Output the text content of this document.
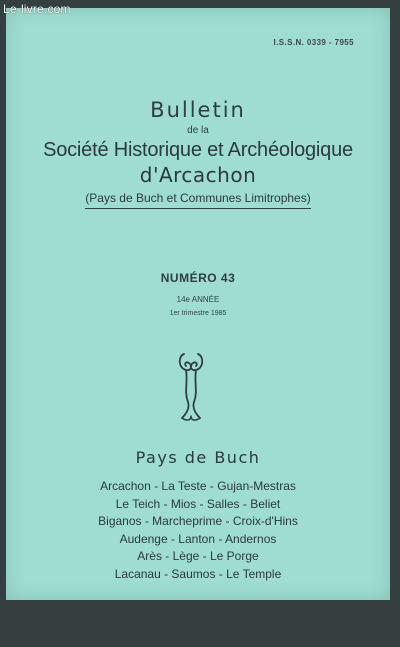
I.S.S.N. 0339 - 7955
Bulletin
de la
Société Historique et Archéologique
d'Arcachon
(Pays de Buch et Communes Limitrophes)
NUMÉRO 43
14e ANNÉE
1er trimestre 1985
Pays de Buch
Arcachon - La Teste - Gujan-Mestras
Le Teich - Mios - Salles - Beliet
Biganos - Marcheprime - Croix-d'Hins
Audenge - Lanton - Andernos
Arès - Lège - Le Porge
Lacanau - Saumos - Le Temple
Le-livre.com
